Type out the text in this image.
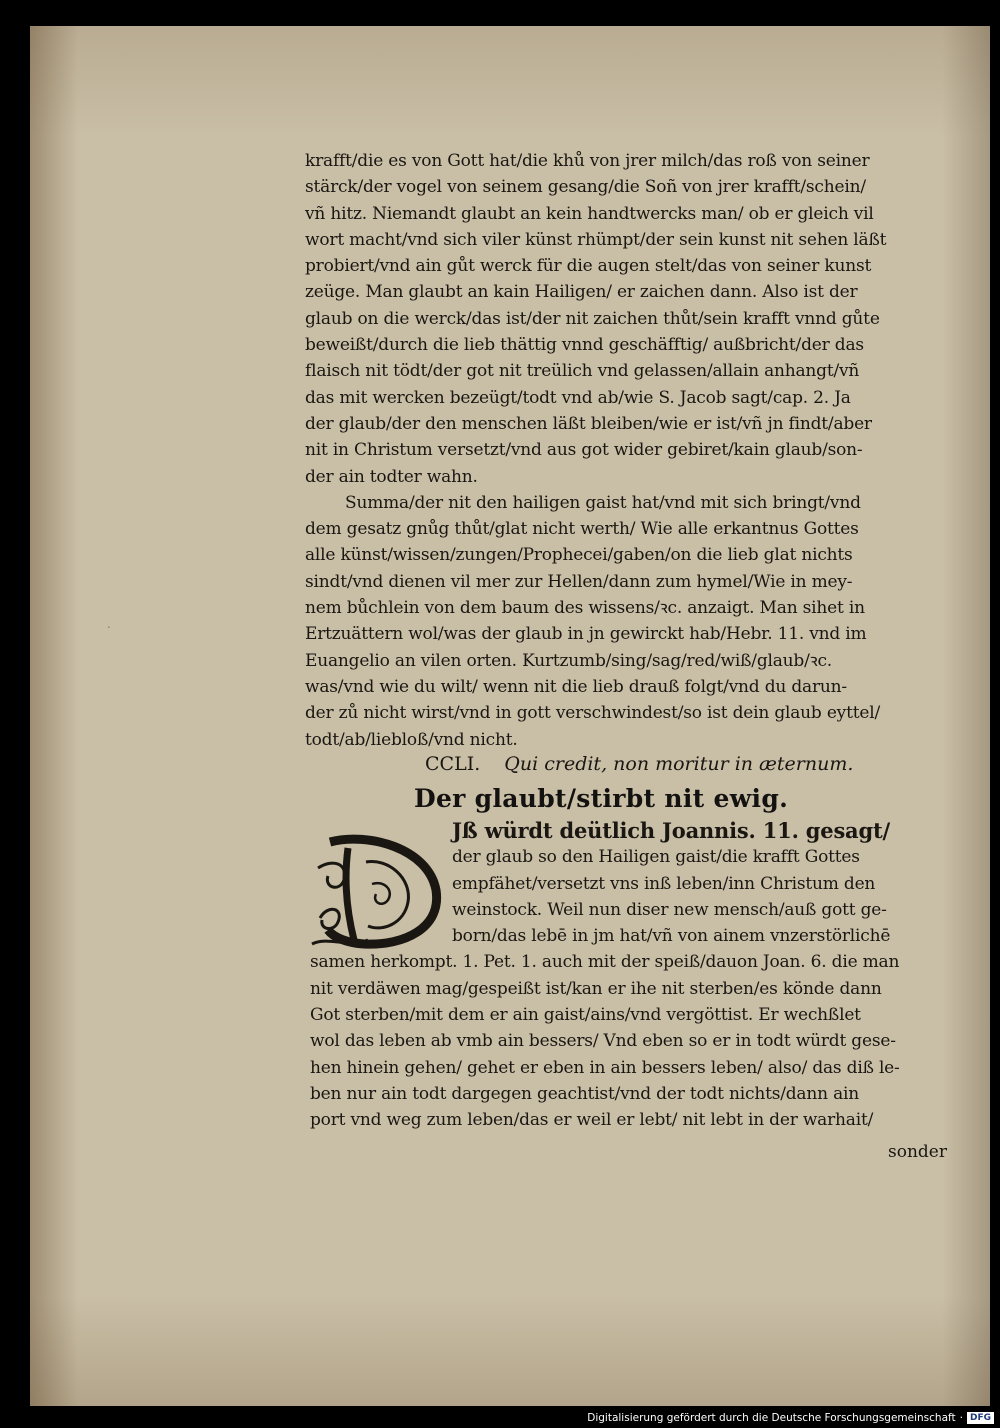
krafft/die es von Gott hat/die khů von jrer milch/das roß von seiner
stärck/der vogel von seinem gesang/die Soñ von jrer krafft/schein/
vñ hitz. Niemandt glaubt an kein handtwercks man/ ob er gleich vil
wort macht/vnd sich viler künst rhümpt/der sein kunst nit sehen läßt
probiert/vnd ain gůt werck für die augen stelt/das von seiner kunst
zeüge. Man glaubt an kain Hailigen/ er zaichen dann. Also ist der
glaub on die werck/das ist/der nit zaichen thůt/sein krafft vnnd gůte
beweißt/durch die lieb thättig vnnd geschäfftig/ außbricht/der das
flaisch nit tödt/der got nit treülich vnd gelassen/allain anhangt/vñ
das mit wercken bezeügt/todt vnd ab/wie S. Jacob sagt/cap. 2. Ja
der glaub/der den menschen läßt bleiben/wie er ist/vñ jn findt/aber
nit in Christum versetzt/vnd aus got wider gebiret/kain glaub/son-
der ain todter wahn.
Summa/der nit den hailigen gaist hat/vnd mit sich bringt/vnd
dem gesatz gnůg thůt/glat nicht werth/ Wie alle erkantnus Gottes
alle künst/wissen/zungen/Prophecei/gaben/on die lieb glat nichts
sindt/vnd dienen vil mer zur Hellen/dann zum hymel/Wie in mey-
nem bůchlein von dem baum des wissens/ꝛc. anzaigt. Man sihet in
Ertzuättern wol/was der glaub in jn gewirckt hab/Hebr. 11. vnd im
Euangelio an vilen orten. Kurtzumb/sing/sag/red/wiß/glaub/ꝛc.
was/vnd wie du wilt/ wenn nit die lieb drauß folgt/vnd du darun-
der zů nicht wirst/vnd in gott verschwindest/so ist dein glaub eyttel/
todt/ab/liebloß/vnd nicht.
CCLI. Qui credit, non moritur in æternum.
Der glaubt/stirbt nit ewig.
D
Jß würdt deütlich Joannis. 11. gesagt/
der glaub so den Hailigen gaist/die krafft Gottes
empfähet/versetzt vns inß leben/inn Christum den
weinstock. Weil nun diser new mensch/auß gott ge-
born/das lebē in jm hat/vñ von ainem vnzerstörlichē
samen herkompt. 1. Pet. 1. auch mit der speiß/dauon Joan. 6. die man
nit verdäwen mag/gespeißt ist/kan er ihe nit sterben/es könde dann
Got sterben/mit dem er ain gaist/ains/vnd vergöttist. Er wechßlet
wol das leben ab vmb ain bessers/ Vnd eben so er in todt würdt gese-
hen hinein gehen/ gehet er eben in ain bessers leben/ also/ das diß le-
ben nur ain todt dargegen geachtist/vnd der todt nichts/dann ain
port vnd weg zum leben/das er weil er lebt/ nit lebt in der warhait/
sonder
Digitalisierung gefördert durch die Deutsche Forschungsgemeinschaft · DFG
